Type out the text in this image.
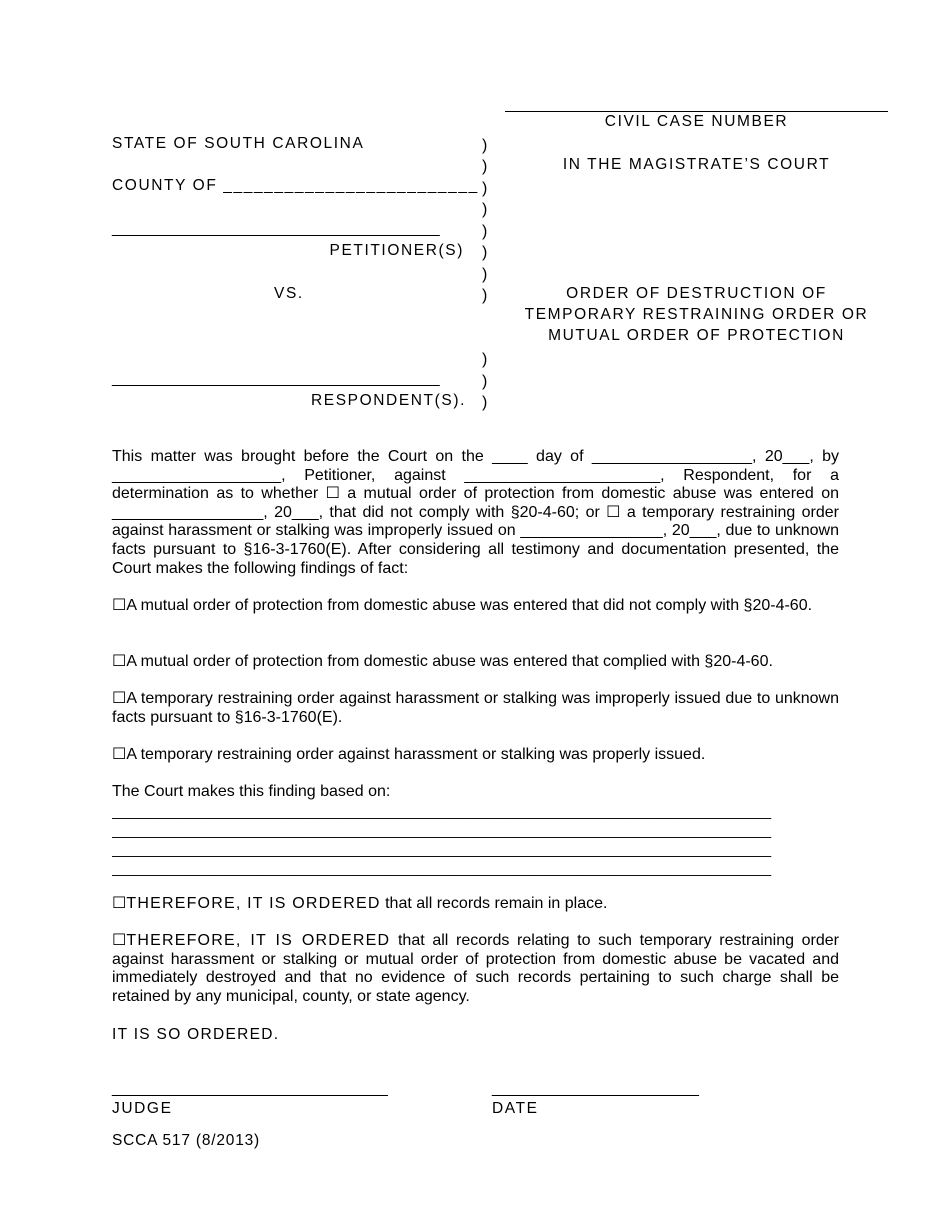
CIVIL CASE NUMBER
IN THE MAGISTRATE’S COURT
STATE OF SOUTH CAROLINA
COUNTY OF _________________________
______________________________________
PETITIONER(S)
VS.
______________________________________
RESPONDENT(S).
)
)
)
)
)
)
)
)
)
)
)
ORDER OF DESTRUCTION OF
TEMPORARY RESTRAINING ORDER OR
MUTUAL ORDER OF PROTECTION
This matter was brought before the Court on the ____ day of __________________, 20___, by ___________________, Petitioner, against ______________________, Respondent, for a determination as to whether ☐ a mutual order of protection from domestic abuse was entered on _________________, 20___, that did not comply with §20-4-60; or ☐ a temporary restraining order against harassment or stalking was improperly issued on ________________, 20___, due to unknown facts pursuant to §16-3-1760(E). After considering all testimony and documentation presented, the Court makes the following findings of fact:
☐A mutual order of protection from domestic abuse was entered that did not comply with §20-4-60.
☐A mutual order of protection from domestic abuse was entered that complied with §20-4-60.
☐A temporary restraining order against harassment or stalking was improperly issued due to unknown facts pursuant to §16-3-1760(E).
☐A temporary restraining order against harassment or stalking was properly issued.
The Court makes this finding based on:
_______________________________________________________________________________
_______________________________________________________________________________
_______________________________________________________________________________
_______________________________________________________________________________
☐THEREFORE, IT IS ORDERED that all records remain in place.
☐THEREFORE, IT IS ORDERED that all records relating to such temporary restraining order against harassment or stalking or mutual order of protection from domestic abuse be vacated and immediately destroyed and that no evidence of such records pertaining to such charge shall be retained by any municipal, county, or state agency.
IT IS SO ORDERED.
________________________________
JUDGE
________________________
DATE
SCCA 517 (8/2013)
